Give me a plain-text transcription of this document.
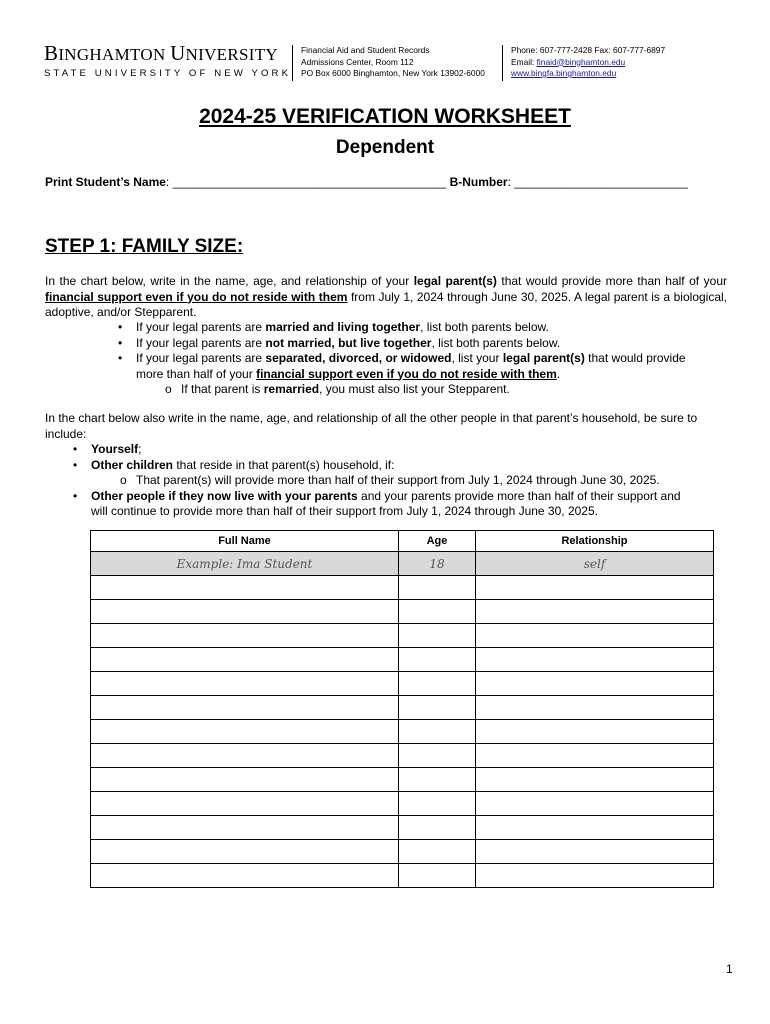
BINGHAMTON UNIVERSITY
STATE UNIVERSITY OF NEW YORK
Financial Aid and Student Records
Admissions Center, Room 112
PO Box 6000 Binghamton, New York 13902-6000
Phone: 607-777-2428 Fax: 607-777-6897
Email: finaid@binghamton.edu
www.bingfa.binghamton.edu
2024-25 VERIFICATION WORKSHEET
Dependent
Print Student’s Name: _________________________________________ B-Number: __________________________
STEP 1: FAMILY SIZE:
In the chart below, write in the name, age, and relationship of your legal parent(s) that would provide more than half of your financial support even if you do not reside with them from July 1, 2024 through June 30, 2025. A legal parent is a biological, adoptive, and/or Stepparent.
• If your legal parents are married and living together, list both parents below.
• If your legal parents are not married, but live together, list both parents below.
• If your legal parents are separated, divorced, or widowed, list your legal parent(s) that would provide
more than half of your financial support even if you do not reside with them.
o If that parent is remarried, you must also list your Stepparent.
In the chart below also write in the name, age, and relationship of all the other people in that parent’s household, be sure to include:
• Yourself;
• Other children that reside in that parent(s) household, if:
o That parent(s) will provide more than half of their support from July 1, 2024 through June 30, 2025.
• Other people if they now live with your parents and your parents provide more than half of their support and
will continue to provide more than half of their support from July 1, 2024 through June 30, 2025.
Full Name	Age	Relationship
Example: Ima Student	18	self

1
